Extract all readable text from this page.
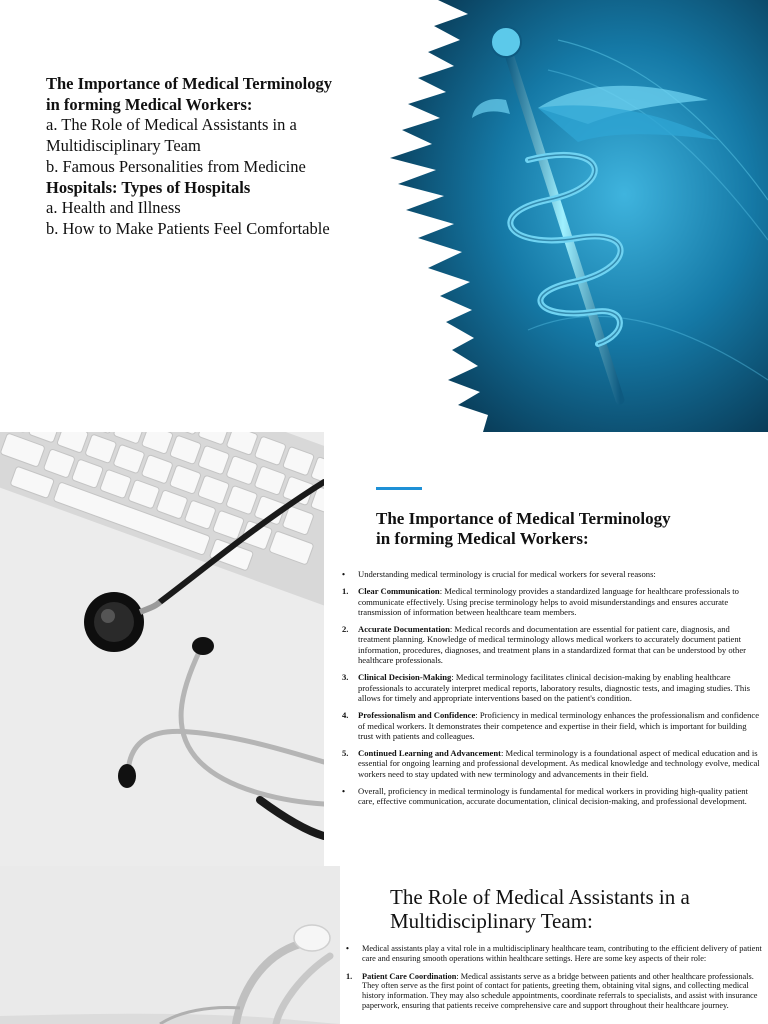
The Importance of Medical Terminology in forming Medical Workers:
a. The Role of Medical Assistants in a Multidisciplinary Team
b. Famous Personalities from Medicine
Hospitals: Types of Hospitals
a. Health and Illness
b. How to Make Patients Feel Comfortable
The Importance of Medical Terminology in forming Medical Workers:
•	Understanding medical terminology is crucial for medical workers for several reasons:
1.	Clear Communication: Medical terminology provides a standardized language for healthcare professionals to communicate effectively. Using precise terminology helps to avoid misunderstandings and ensures accurate transmission of information between healthcare team members.
2.	Accurate Documentation: Medical records and documentation are essential for patient care, diagnosis, and treatment planning. Knowledge of medical terminology allows medical workers to accurately document patient information, procedures, diagnoses, and treatment plans in a standardized format that can be understood by other healthcare professionals.
3.	Clinical Decision-Making: Medical terminology facilitates clinical decision-making by enabling healthcare professionals to accurately interpret medical reports, laboratory results, diagnostic tests, and imaging studies. This allows for timely and appropriate interventions based on the patient's condition.
4.	Professionalism and Confidence: Proficiency in medical terminology enhances the professionalism and confidence of medical workers. It demonstrates their competence and expertise in their field, which is important for building trust with patients and colleagues.
5.	Continued Learning and Advancement: Medical terminology is a foundational aspect of medical education and is essential for ongoing learning and professional development. As medical knowledge and technology evolve, medical workers need to stay updated with new terminology and advancements in their field.
•	Overall, proficiency in medical terminology is fundamental for medical workers in providing high-quality patient care, effective communication, accurate documentation, clinical decision-making, and professional development.
The Role of Medical Assistants in a Multidisciplinary Team:
•	Medical assistants play a vital role in a multidisciplinary healthcare team, contributing to the efficient delivery of patient care and ensuring smooth operations within healthcare settings. Here are some key aspects of their role:
1.	Patient Care Coordination: Medical assistants serve as a bridge between patients and other healthcare professionals. They often serve as the first point of contact for patients, greeting them, obtaining vital signs, and collecting medical history information. They may also schedule appointments, coordinate referrals to specialists, and assist with insurance paperwork, ensuring that patients receive comprehensive care and support throughout their healthcare journey.
